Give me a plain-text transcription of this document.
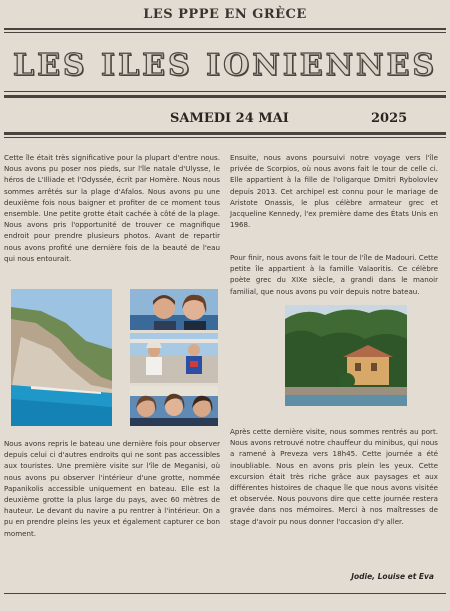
LES PPPE EN GRÈCE
LES ILES IONIENNES
SAMEDI 24 MAI	2025

Cette île était très significative pour la plupart d'entre nous. Nous avons pu poser nos pieds, sur l'île natale d'Ulysse, le héros de L'Illiade et l'Odyssée, écrit par Homère. Nous nous sommes arrêtés sur la plage d'Afalos. Nous avons pu une deuxième fois nous baigner et profiter de ce moment tous ensemble. Une petite grotte était cachée à côté de la plage. Nous avons pris l'opportunité de trouver ce magnifique endroit pour prendre plusieurs photos. Avant de repartir nous avons profité une dernière fois de la beauté de l'eau qui nous entourait.

Nous avons repris le bateau une dernière fois pour observer depuis celui ci d'autres endroits qui ne sont pas accessibles aux touristes. Une première visite sur l'île de Meganisi, où nous avons pu observer l'intérieur d'une grotte, nommée Papanikolis accessible uniquement en bateau. Elle est la deuxième grotte la plus large du pays, avec 60 mètres de hauteur. Le devant du navire a pu rentrer à l'intérieur. On a pu en prendre pleins les yeux et également capturer ce bon moment.

Ensuite, nous avons poursuivi notre voyage vers l'île privée de Scorpios, où nous avons fait le tour de celle ci. Elle appartient à la fille de l'oligarque Dmitri Rybolovlev depuis 2013. Cet archipel est connu pour le mariage de Aristote Onassis, le plus célèbre armateur grec et Jacqueline Kennedy, l'ex première dame des États Unis en 1968.

Pour finir, nous avons fait le tour de l'île de Madouri. Cette petite île appartient à la famille Valaoritis. Ce célèbre poète grec du XIXe siècle, a grandi dans le manoir familial, que nous avons pu voir depuis notre bateau.

Après cette dernière visite, nous sommes rentrés au port. Nous avons retrouvé notre chauffeur du minibus, qui nous a ramené à Preveza vers 18h45. Cette journée a été inoubliable. Nous en avons pris plein les yeux. Cette excursion était très riche grâce aux paysages et aux différentes histoires de chaque île que nous avons visitée et observée. Nous pouvons dire que cette journée restera gravée dans nos mémoires. Merci à nos maîtresses de stage d'avoir pu nous donner l'occasion d'y aller.

Jodie, Louise et Eva
